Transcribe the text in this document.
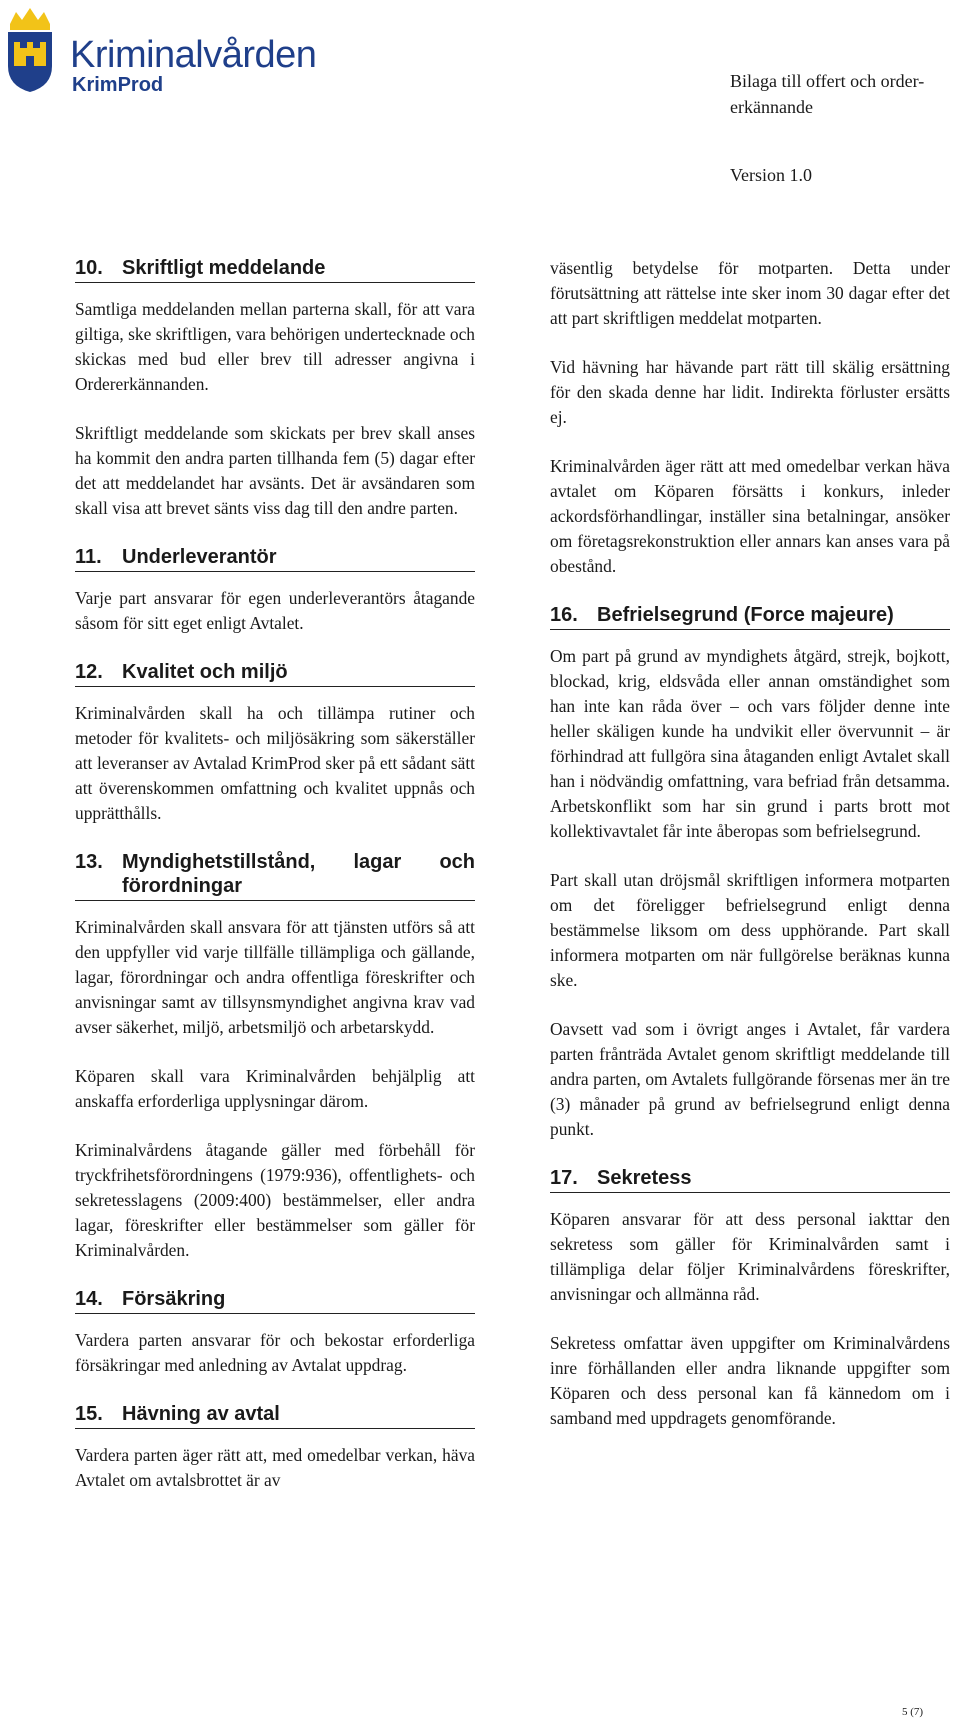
Kriminalvården
KrimProd	Bilaga till offert och order-erkännande
Version 1.0
10. Skriftligt meddelande

Samtliga meddelanden mellan parterna skall, för att vara giltiga, ske skriftligen, vara behörigen undertecknade och skickas med bud eller brev till adresser angivna i Ordererkännanden.

Skriftligt meddelande som skickats per brev skall anses ha kommit den andra parten tillhanda fem (5) dagar efter det att meddelandet har avsänts. Det är avsändaren som skall visa att brevet sänts viss dag till den andre parten.

11.	Underleverantör

Varje part ansvarar för egen underleverantörs åtagande såsom för sitt eget enligt Avtalet.

12. Kvalitet och miljö

Kriminalvården skall ha och tillämpa rutiner och metoder för kvalitets- och miljösäkring som säkerställer att leveranser av Avtalad KrimProd sker på ett sådant sätt att överenskommen omfattning och kvalitet uppnås och upprätthålls.

13. Myndighetstillstånd, lagar och förordningar

Kriminalvården skall ansvara för att tjänsten utförs så att den uppfyller vid varje tillfälle tillämpliga och gällande, lagar, förordningar och andra offentliga föreskrifter och anvisningar samt av tillsynsmyndighet angivna krav vad avser säkerhet, miljö, arbetsmiljö och arbetarskydd.

Köparen skall vara Kriminalvården behjälplig att anskaffa erforderliga upplysningar därom.

Kriminalvårdens åtagande gäller med förbehåll för tryckfrihetsförordningens (1979:936), offentlighets- och sekretesslagens (2009:400) bestämmelser, eller andra lagar, föreskrifter eller bestämmelser som gäller för Kriminalvården.

14. Försäkring

Vardera parten ansvarar för och bekostar erforderliga försäkringar med anledning av Avtalat uppdrag.

15. Hävning av avtal

Vardera parten äger rätt att, med omedelbar verkan, häva Avtalet om avtalsbrottet är av

väsentlig betydelse för motparten. Detta under förutsättning att rättelse inte sker inom 30 dagar efter det att part skriftligen meddelat motparten.

Vid hävning har hävande part rätt till skälig ersättning för den skada denne har lidit. Indirekta förluster ersätts ej.

Kriminalvården äger rätt att med omedelbar verkan häva avtalet om Köparen försätts i konkurs, inleder ackordsförhandlingar, inställer sina betalningar, ansöker om företagsrekonstruktion eller annars kan anses vara på obestånd.

16. Befrielsegrund (Force majeure)

Om part på grund av myndighets åtgärd, strejk, bojkott, blockad, krig, eldsvåda eller annan omständighet som han inte kan råda över – och vars följder denne inte heller skäligen kunde ha undvikit eller övervunnit – är förhindrad att fullgöra sina åtaganden enligt Avtalet skall han i nödvändig omfattning, vara befriad från detsamma. Arbetskonflikt som har sin grund i parts brott mot kollektivavtalet får inte åberopas som befrielsegrund.

Part skall utan dröjsmål skriftligen informera motparten om det föreligger befrielsegrund enligt denna bestämmelse liksom om dess upphörande. Part skall informera motparten om när fullgörelse beräknas kunna ske.

Oavsett vad som i övrigt anges i Avtalet, får vardera parten frånträda Avtalet genom skriftligt meddelande till andra parten, om Avtalets fullgörande försenas mer än tre (3) månader på grund av befrielsegrund enligt denna punkt.

17. Sekretess

Köparen ansvarar för att dess personal iakttar den sekretess som gäller för Kriminalvården samt i tillämpliga delar följer Kriminalvårdens föreskrifter, anvisningar och allmänna råd.

Sekretess omfattar även uppgifter om Kriminalvårdens inre förhållanden eller andra liknande uppgifter som Köparen och dess personal kan få kännedom om i samband med uppdragets genomförande.

5 (7)
